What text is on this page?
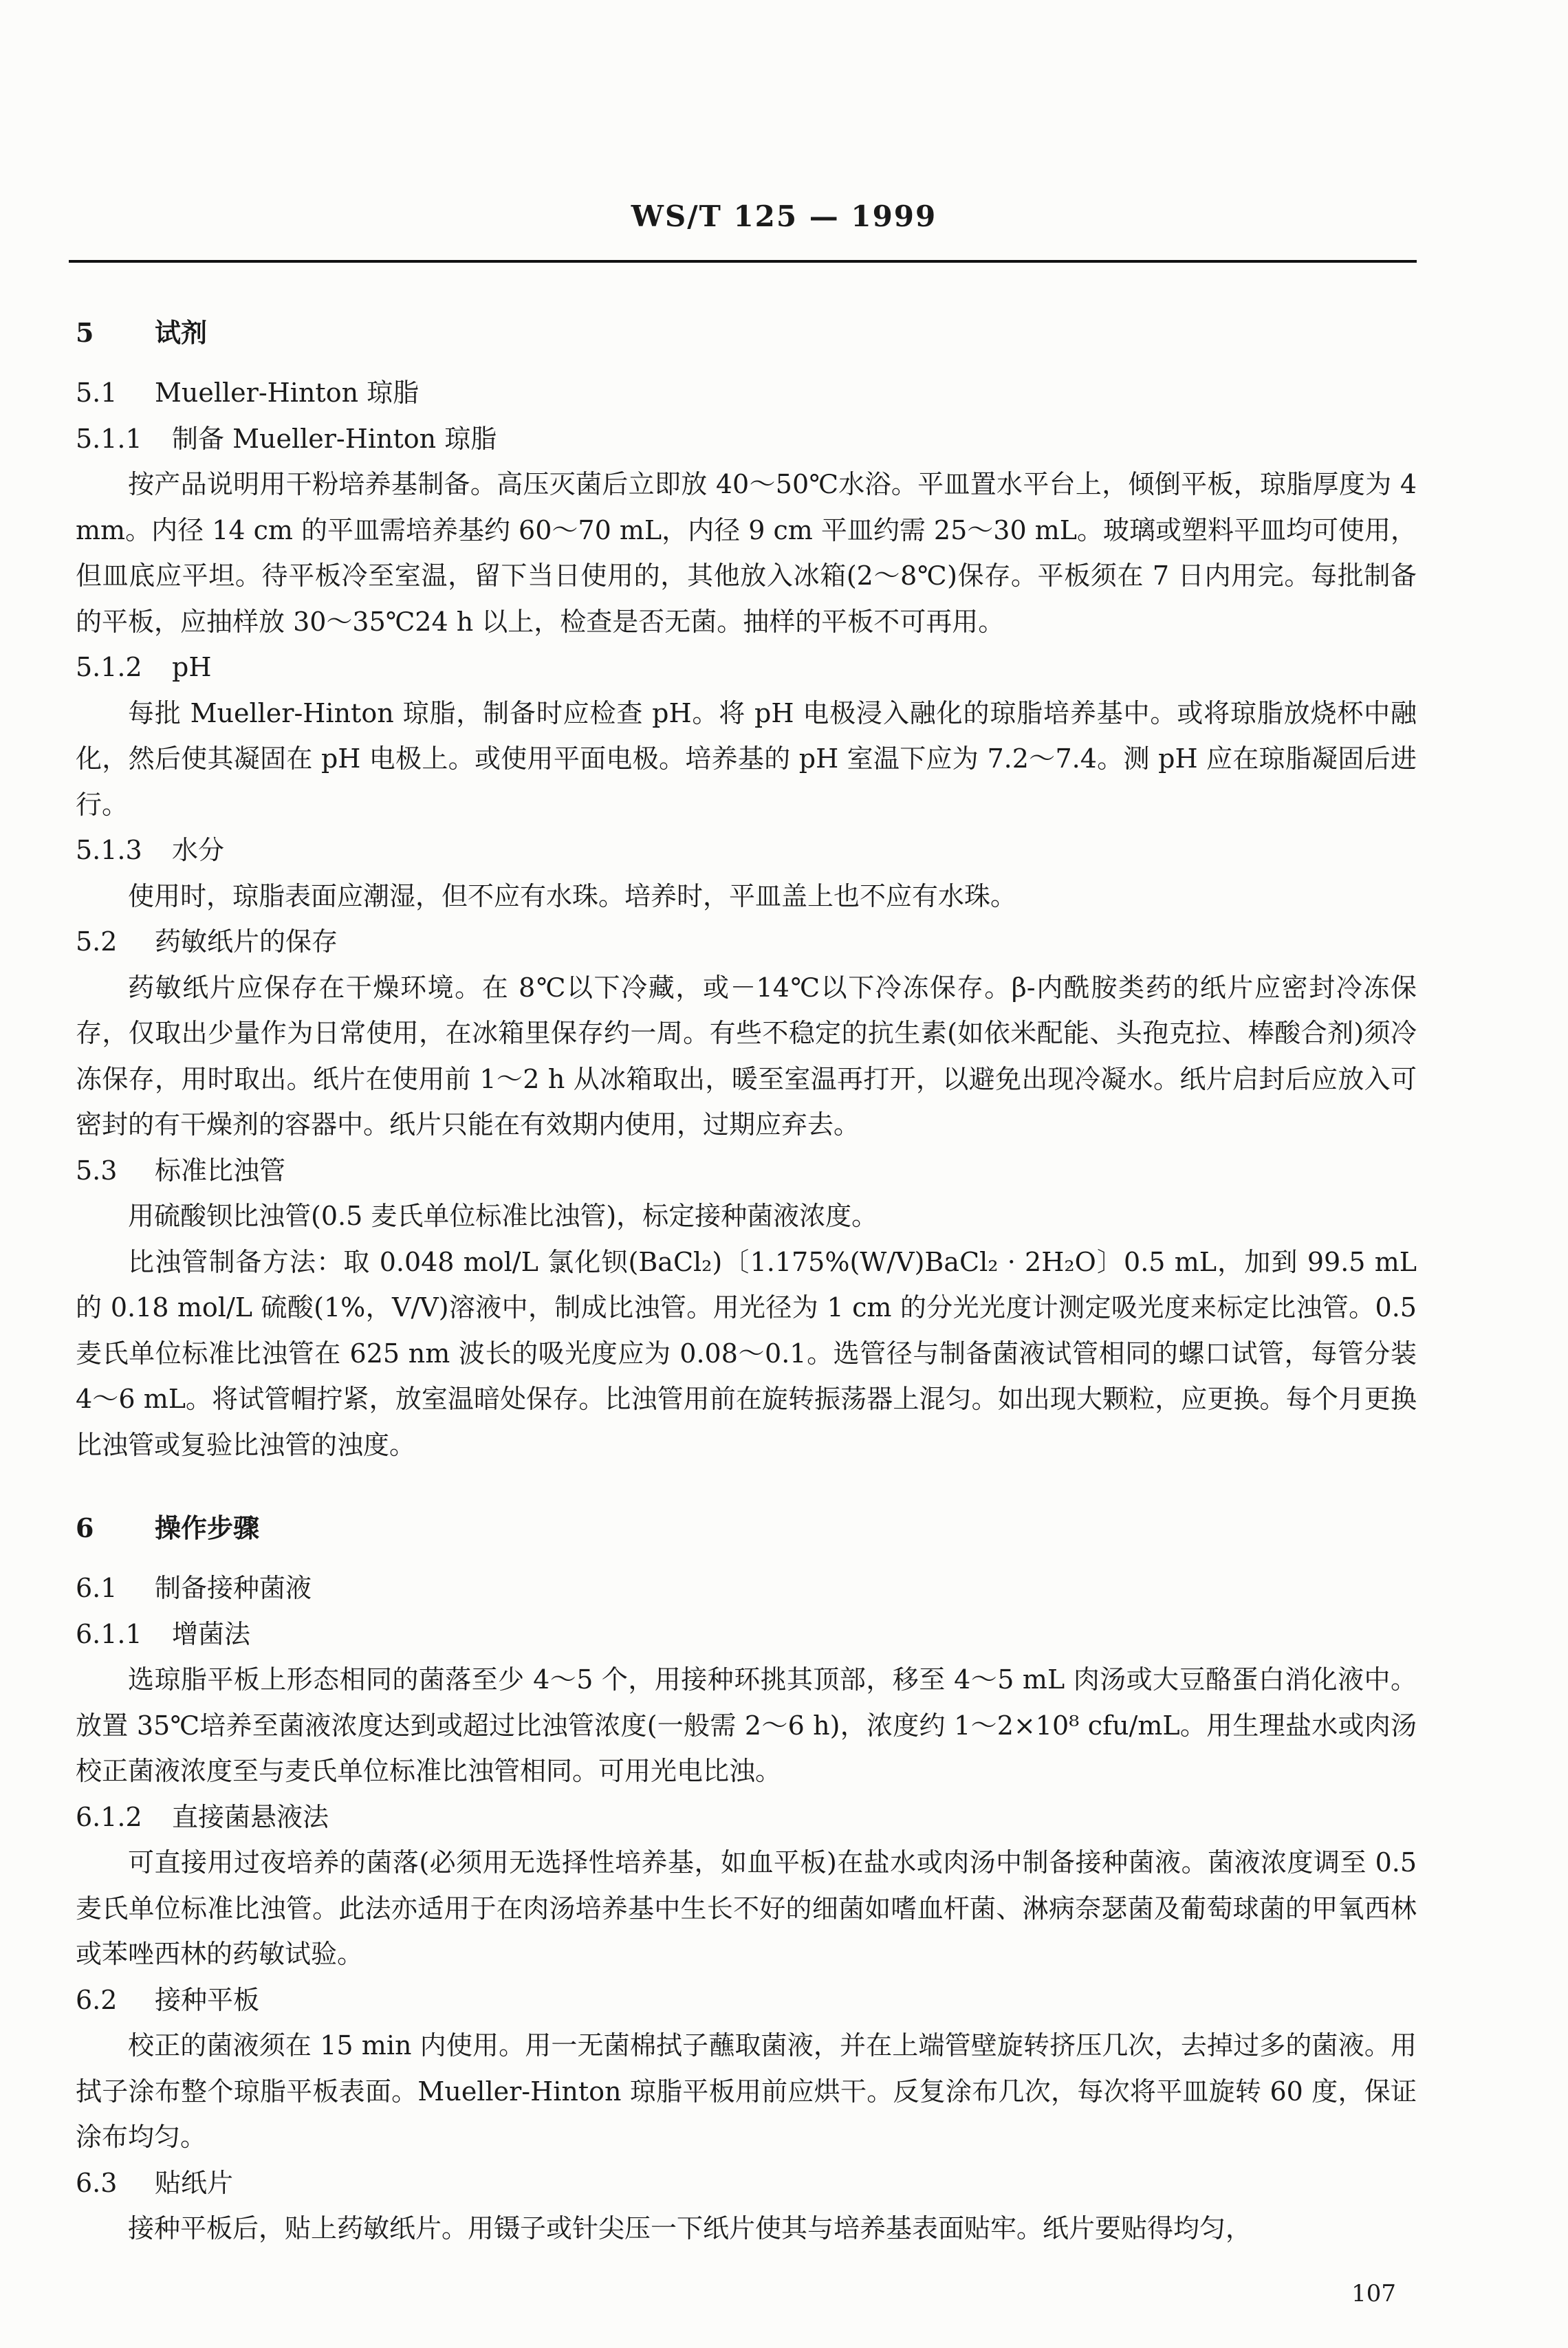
WS/T 125 — 1999
5 试剂

5.1 Mueller-Hinton 琼脂

5.1.1 制备 Mueller-Hinton 琼脂

按产品说明用干粉培养基制备。高压灭菌后立即放 40～50℃水浴。平皿置水平台上，倾倒平板，琼脂厚度为 4 mm。内径 14 cm 的平皿需培养基约 60～70 mL，内径 9 cm 平皿约需 25～30 mL。玻璃或塑料平皿均可使用，但皿底应平坦。待平板冷至室温，留下当日使用的，其他放入冰箱(2～8℃)保存。平板须在 7 日内用完。每批制备的平板，应抽样放 30～35℃24 h 以上，检查是否无菌。抽样的平板不可再用。

5.1.2 pH

每批 Mueller-Hinton 琼脂，制备时应检查 pH。将 pH 电极浸入融化的琼脂培养基中。或将琼脂放烧杯中融化，然后使其凝固在 pH 电极上。或使用平面电极。培养基的 pH 室温下应为 7.2～7.4。测 pH 应在琼脂凝固后进行。

5.1.3 水分

使用时，琼脂表面应潮湿，但不应有水珠。培养时，平皿盖上也不应有水珠。

5.2 药敏纸片的保存

药敏纸片应保存在干燥环境。在 8℃以下冷藏，或－14℃以下冷冻保存。β-内酰胺类药的纸片应密封冷冻保存，仅取出少量作为日常使用，在冰箱里保存约一周。有些不稳定的抗生素(如依米配能、头孢克拉、棒酸合剂)须冷冻保存，用时取出。纸片在使用前 1～2 h 从冰箱取出，暖至室温再打开，以避免出现冷凝水。纸片启封后应放入可密封的有干燥剂的容器中。纸片只能在有效期内使用，过期应弃去。

5.3 标准比浊管

用硫酸钡比浊管(0.5 麦氏单位标准比浊管)，标定接种菌液浓度。

比浊管制备方法：取 0.048 mol/L 氯化钡(BaCl₂)〔1.175%(W/V)BaCl₂ · 2H₂O〕0.5 mL，加到 99.5 mL的 0.18 mol/L 硫酸(1%，V/V)溶液中，制成比浊管。用光径为 1 cm 的分光光度计测定吸光度来标定比浊管。0.5 麦氏单位标准比浊管在 625 nm 波长的吸光度应为 0.08～0.1。选管径与制备菌液试管相同的螺口试管，每管分装 4～6 mL。将试管帽拧紧，放室温暗处保存。比浊管用前在旋转振荡器上混匀。如出现大颗粒，应更换。每个月更换比浊管或复验比浊管的浊度。

6 操作步骤

6.1 制备接种菌液

6.1.1 增菌法

选琼脂平板上形态相同的菌落至少 4～5 个，用接种环挑其顶部，移至 4～5 mL 肉汤或大豆酪蛋白消化液中。放置 35℃培养至菌液浓度达到或超过比浊管浓度(一般需 2～6 h)，浓度约 1～2×10⁸ cfu/mL。用生理盐水或肉汤校正菌液浓度至与麦氏单位标准比浊管相同。可用光电比浊。

6.1.2 直接菌悬液法

可直接用过夜培养的菌落(必须用无选择性培养基，如血平板)在盐水或肉汤中制备接种菌液。菌液浓度调至 0.5 麦氏单位标准比浊管。此法亦适用于在肉汤培养基中生长不好的细菌如嗜血杆菌、淋病奈瑟菌及葡萄球菌的甲氧西林或苯唑西林的药敏试验。

6.2 接种平板

校正的菌液须在 15 min 内使用。用一无菌棉拭子蘸取菌液，并在上端管壁旋转挤压几次，去掉过多的菌液。用拭子涂布整个琼脂平板表面。Mueller-Hinton 琼脂平板用前应烘干。反复涂布几次，每次将平皿旋转 60 度，保证涂布均匀。

6.3 贴纸片

接种平板后，贴上药敏纸片。用镊子或针尖压一下纸片使其与培养基表面贴牢。纸片要贴得均匀，

107
